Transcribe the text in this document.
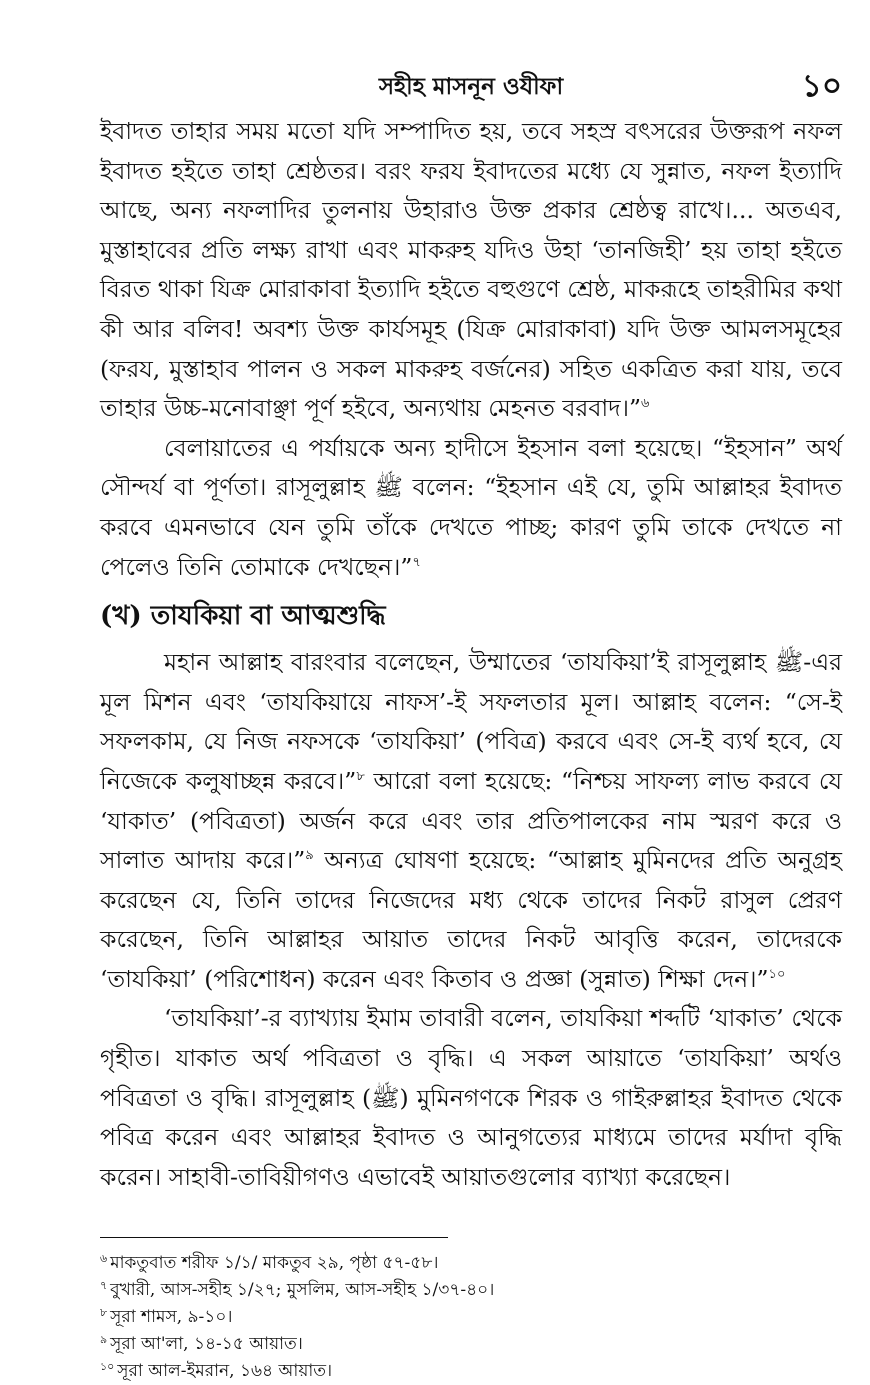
সহীহ মাসনূন ওযীফা	১০

ইবাদত তাহার সময় মতো যদি সম্পাদিত হয়, তবে সহস্র বৎসরের উক্তরূপ নফল ইবাদত হইতে তাহা শ্রেষ্ঠতর। বরং ফরয ইবাদতের মধ্যে যে সুন্নাত, নফল ইত্যাদি আছে, অন্য নফলাদির তুলনায় উহারাও উক্ত প্রকার শ্রেষ্ঠত্ব রাখে।... অতএব, মুস্তাহাবের প্রতি লক্ষ্য রাখা এবং মাকরুহ যদিও উহা ‘তানজিহী’ হয় তাহা হইতে বিরত থাকা যিক্র মোরাকাবা ইত্যাদি হইতে বহুগুণে শ্রেষ্ঠ, মাকরূহে তাহরীমির কথা কী আর বলিব! অবশ্য উক্ত কার্যসমূহ (যিক্র মোরাকাবা) যদি উক্ত আমলসমূহের (ফরয, মুস্তাহাব পালন ও সকল মাকরুহ বর্জনের) সহিত একত্রিত করা যায়, তবে তাহার উচ্চ-মনোবাঞ্ছা পূর্ণ হইবে, অন্যথায় মেহনত বরবাদ।”$^৬$

বেলায়াতের এ পর্যায়কে অন্য হাদীসে ইহসান বলা হয়েছে। “ইহসান” অর্থ সৌন্দর্য বা পূর্ণতা। রাসূলুল্লাহ ﷺ বলেন: “ইহসান এই যে, তুমি আল্লাহর ইবাদত করবে এমনভাবে যেন তুমি তাঁকে দেখতে পাচ্ছ; কারণ তুমি তাকে দেখতে না পেলেও তিনি তোমাকে দেখছেন।”$^৭$

(খ) তাযকিয়া বা আত্মশুদ্ধি

মহান আল্লাহ বারংবার বলেছেন, উম্মাতের ‘তাযকিয়া’ই রাসূলুল্লাহ ﷺ-এর মূল মিশন এবং ‘তাযকিয়ায়ে নাফস’-ই সফলতার মূল। আল্লাহ বলেন: “সে-ই সফলকাম, যে নিজ নফসকে ‘তাযকিয়া’ (পবিত্র) করবে এবং সে-ই ব্যর্থ হবে, যে নিজেকে কলুষাচ্ছন্ন করবে।”$^৮$ আরো বলা হয়েছে: “নিশ্চয় সাফল্য লাভ করবে যে ‘যাকাত’ (পবিত্রতা) অর্জন করে এবং তার প্রতিপালকের নাম স্মরণ করে ও সালাত আদায় করে।”$^৯$ অন্যত্র ঘোষণা হয়েছে: “আল্লাহ মুমিনদের প্রতি অনুগ্রহ করেছেন যে, তিনি তাদের নিজেদের মধ্য থেকে তাদের নিকট রাসুল প্রেরণ করেছেন, তিনি আল্লাহর আয়াত তাদের নিকট আবৃত্তি করেন, তাদেরকে ‘তাযকিয়া’ (পরিশোধন) করেন এবং কিতাব ও প্রজ্ঞা (সুন্নাত) শিক্ষা দেন।”$^{১০}$

‘তাযকিয়া’-র ব্যাখ্যায় ইমাম তাবারী বলেন, তাযকিয়া শব্দটি ‘যাকাত’ থেকে গৃহীত। যাকাত অর্থ পবিত্রতা ও বৃদ্ধি। এ সকল আয়াতে ‘তাযকিয়া’ অর্থও পবিত্রতা ও বৃদ্ধি। রাসূলুল্লাহ (ﷺ) মুমিনগণকে শিরক ও গাইরুল্লাহর ইবাদত থেকে পবিত্র করেন এবং আল্লাহর ইবাদত ও আনুগত্যের মাধ্যমে তাদের মর্যাদা বৃদ্ধি করেন। সাহাবী-তাবিয়ীগণও এভাবেই আয়াতগুলোর ব্যাখ্যা করেছেন।

$^৬$ মাকতুবাত শরীফ ১/১/ মাকতুব ২৯, পৃষ্ঠা ৫৭-৫৮।

$^৭$ বুখারী, আস-সহীহ ১/২৭; মুসলিম, আস-সহীহ ১/৩৭-৪০।

$^৮$ সূরা শামস, ৯-১০।

$^৯$ সূরা আ'লা, ১৪-১৫ আয়াত।

$^{১০}$ সূরা আল-ইমরান, ১৬৪ আয়াত।
